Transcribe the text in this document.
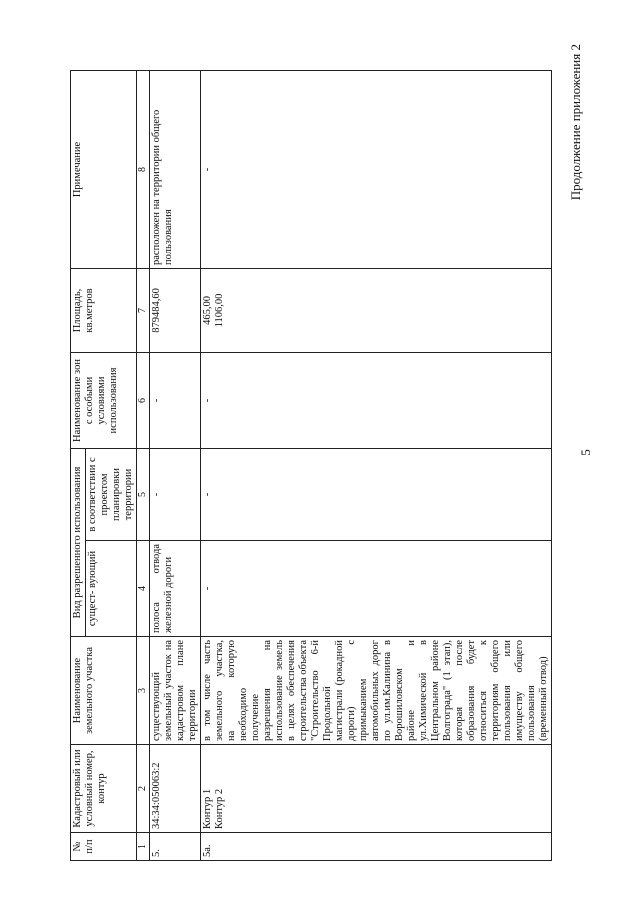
5
Продолжение приложения 2
№ п/п	Кадастровый или условный номер, контур	Наименование земельного участка	Вид разрешенного использования		Наименование зон с особыми условиями использования	Площадь, кв.метров	Примечание
			сущест- вующий	в соответствии с проектом планировки территории			
1	2	3	4	5	6	7	8
5.	34:34:050063:2	существующий земельный участок на кадастровом плане территории	полоса отвода железной дороги	-	-	879484,60	расположен на территории общего пользования
5а.	Контур 1 Контур 2	в том числе часть земельного участка, на которую необходимо получение разрешения на использование земель в целях обеспечения строительства объекта "Строительство 6-й Продольной магистрали (рокадной дороги) с примыканием автомобильных дорог по ул.им.Калинина в Ворошиловском районе и ул.Химической в Центральном районе Волгограда" (1 этап), которая после образования будет относиться к территориям общего пользования или имуществу общего пользования (временный отвод)	-	-	-	465,00 1106,00	-
